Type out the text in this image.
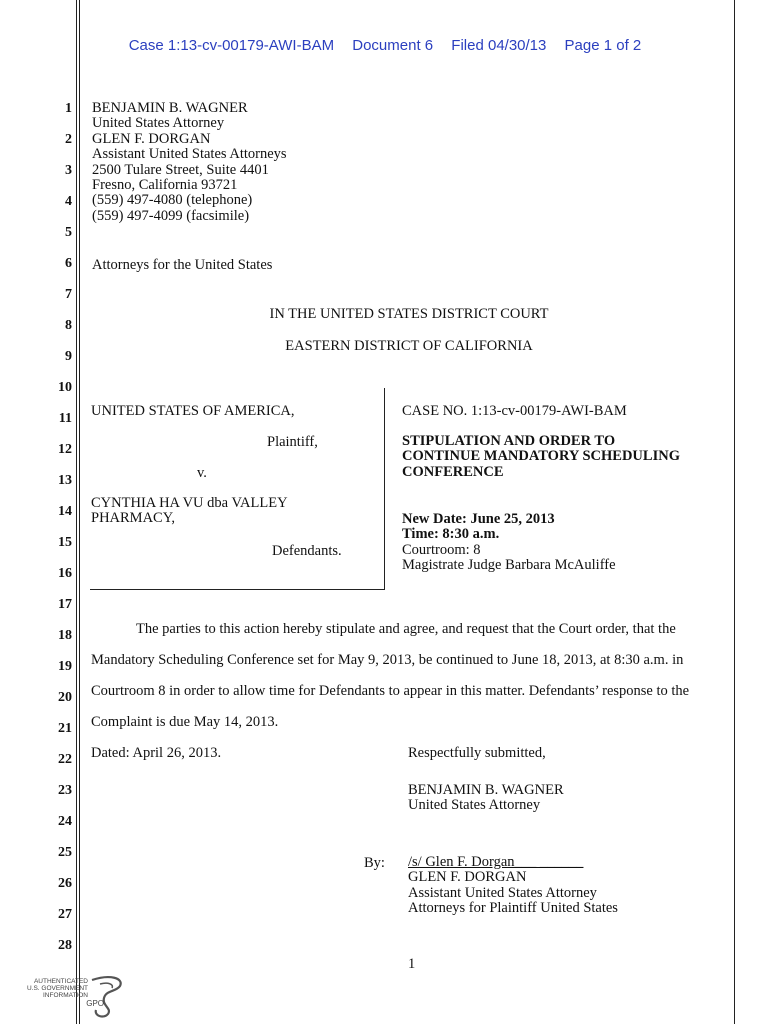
Case 1:13-cv-00179-AWI-BAM Document 6 Filed 04/30/13 Page 1 of 2
1
2
3
4
5
6
7
8
9
10
11
12
13
14
15
16
17
18
19
20
21
22
23
24
25
26
27
28
BENJAMIN B. WAGNER
United States Attorney
GLEN F. DORGAN
Assistant United States Attorneys
2500 Tulare Street, Suite 4401
Fresno, California 93721
(559) 497-4080 (telephone)
(559) 497-4099 (facsimile)
Attorneys for the United States
IN THE UNITED STATES DISTRICT COURT
EASTERN DISTRICT OF CALIFORNIA
UNITED STATES OF AMERICA,
Plaintiff,
v.
CYNTHIA HA VU dba VALLEY
PHARMACY,
Defendants.
CASE NO. 1:13-cv-00179-AWI-BAM
STIPULATION AND ORDER TO
CONTINUE MANDATORY SCHEDULING
CONFERENCE
New Date: June 25, 2013
Time: 8:30 a.m.
Courtroom: 8
Magistrate Judge Barbara McAuliffe
The parties to this action hereby stipulate and agree, and request that the Court order, that the
Mandatory Scheduling Conference set for May 9, 2013, be continued to June 18, 2013, at 8:30 a.m. in
Courtroom 8 in order to allow time for Defendants to appear in this matter. Defendants’ response to the
Complaint is due May 14, 2013.
Dated: April 26, 2013.	Respectfully submitted,
BENJAMIN B. WAGNER
United States Attorney
By: /s/ Glen F. Dorgan___ ______
GLEN F. DORGAN
Assistant United States Attorney
Attorneys for Plaintiff United States
1
AUTHENTICATED
U.S. GOVERNMENT
INFORMATION
GPO
